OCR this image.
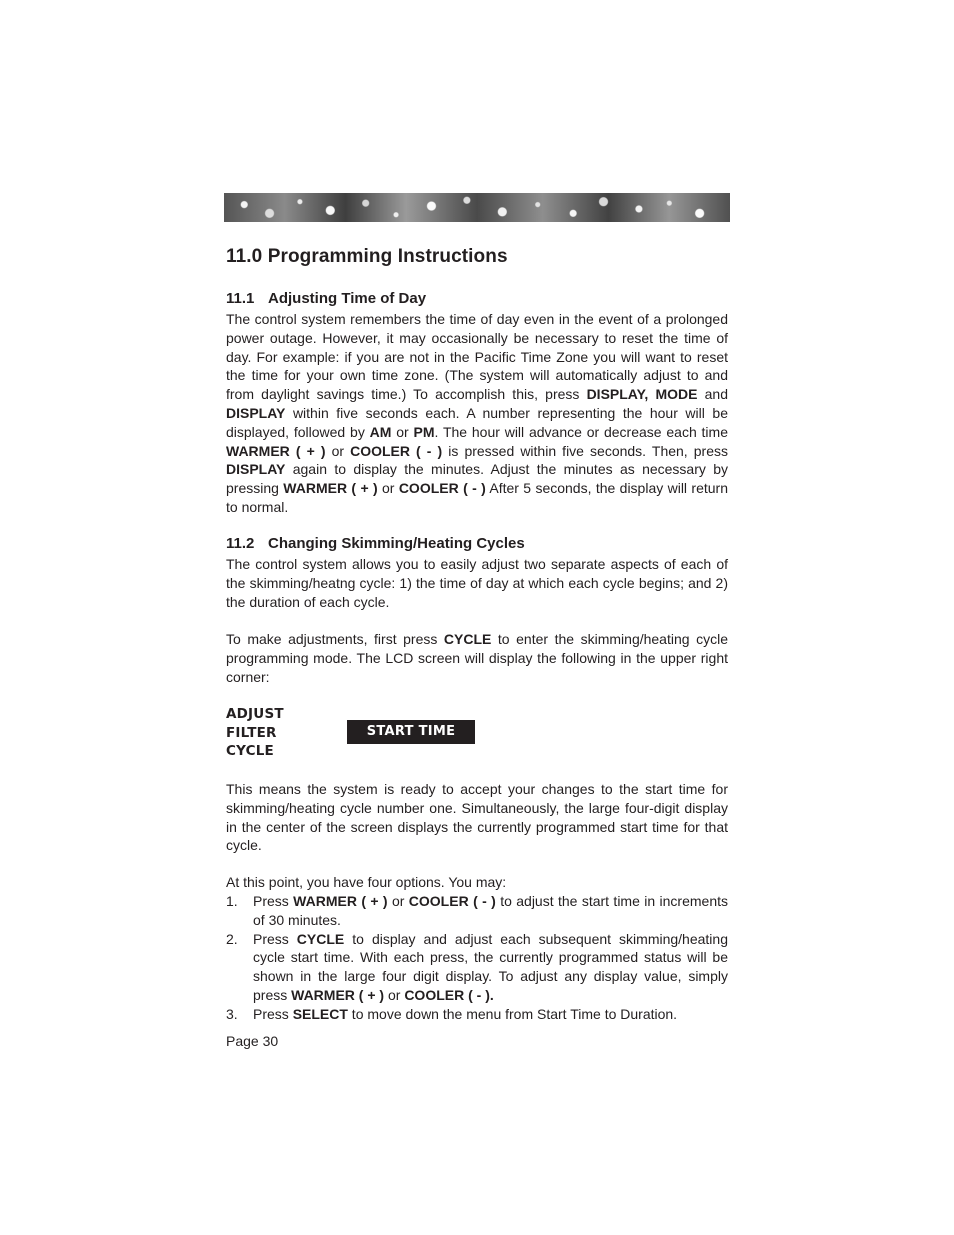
11.0 Programming Instructions
11.1 Adjusting Time of Day

The control system remembers the time of day even in the event of a prolonged power outage. However, it may occasionally be necessary to reset the time of day. For example: if you are not in the Pacific Time Zone you will want to reset the time for your own time zone. (The system will automatically adjust to and from daylight savings time.) To accomplish this, press DISPLAY, MODE and DISPLAY within five seconds each. A number representing the hour will be displayed, followed by AM or PM. The hour will advance or decrease each time WARMER ( + ) or COOLER ( - ) is pressed within five seconds. Then, press DISPLAY again to display the minutes. Adjust the minutes as necessary by pressing WARMER ( + ) or COOLER ( - ) After 5 seconds, the display will return to normal.

11.2 Changing Skimming/Heating Cycles

The control system allows you to easily adjust two separate aspects of each of the skimming/heatng cycle: 1) the time of day at which each cycle begins; and 2) the duration of each cycle.

To make adjustments, first press CYCLE to enter the skimming/heating cycle programming mode. The LCD screen will display the following in the upper right corner:

ADJUST
FILTER
CYCLE
START TIME

This means the system is ready to accept your changes to the start time for skimming/heating cycle number one. Simultaneously, the large four-digit display in the center of the screen displays the currently programmed start time for that cycle.

At this point, you have four options. You may:

1. Press WARMER ( + ) or COOLER ( - ) to adjust the start time in increments of 30 minutes.
2. Press CYCLE to display and adjust each subsequent skimming/heating cycle start time. With each press, the currently programmed status will be shown in the large four digit display. To adjust any display value, simply press WARMER ( + ) or COOLER ( - ).
3. Press SELECT to move down the menu from Start Time to Duration.
Page 30
